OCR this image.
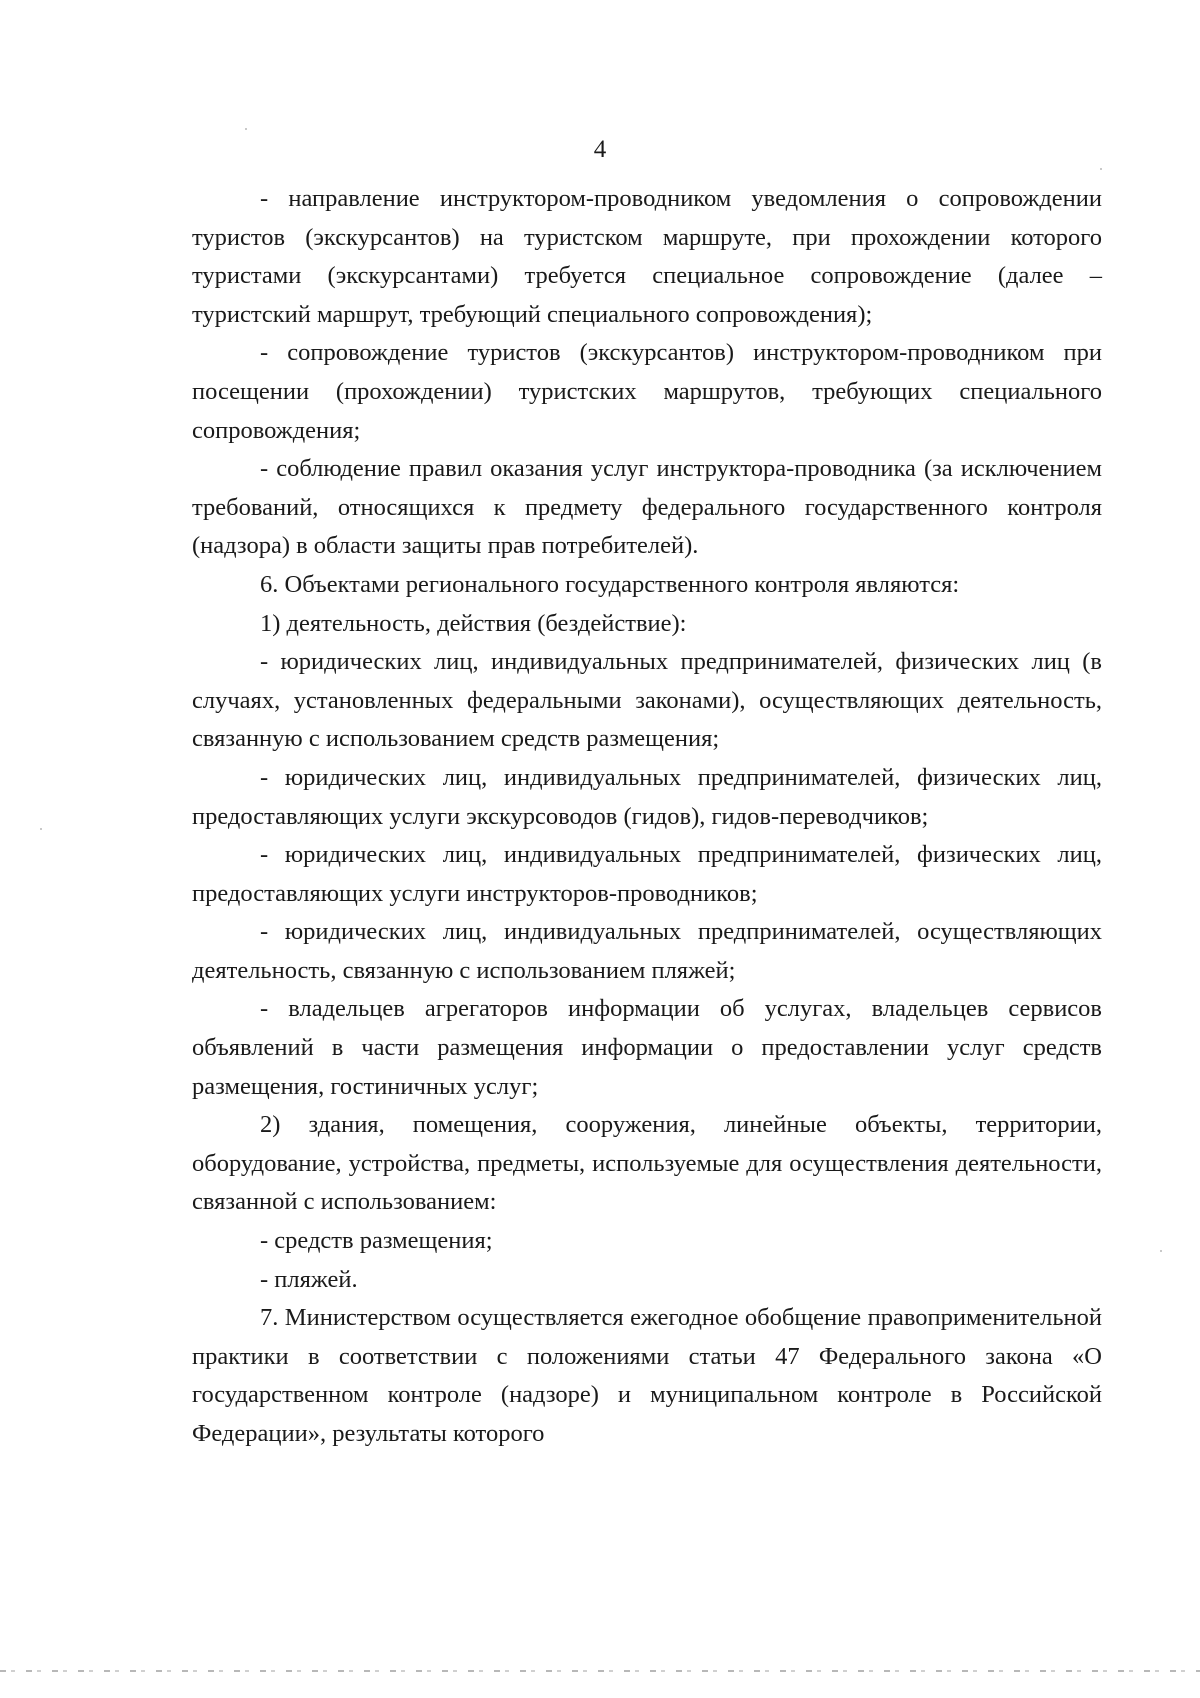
4

- направление инструктором-проводником уведомления о сопровождении туристов (экскурсантов) на туристском маршруте, при прохождении которого туристами (экскурсантами) требуется специальное сопровождение (далее – туристский маршрут, требующий специального сопровождения);

- сопровождение туристов (экскурсантов) инструктором-проводником при посещении (прохождении) туристских маршрутов, требующих специального сопровождения;

- соблюдение правил оказания услуг инструктора-проводника (за исключением требований, относящихся к предмету федерального государственного контроля (надзора) в области защиты прав потребителей).

6. Объектами регионального государственного контроля являются:

1) деятельность, действия (бездействие):

- юридических лиц, индивидуальных предпринимателей, физических лиц (в случаях, установленных федеральными законами), осуществляющих деятельность, связанную с использованием средств размещения;

- юридических лиц, индивидуальных предпринимателей, физических лиц, предоставляющих услуги экскурсоводов (гидов), гидов-переводчиков;

- юридических лиц, индивидуальных предпринимателей, физических лиц, предоставляющих услуги инструкторов-проводников;

- юридических лиц, индивидуальных предпринимателей, осуществляющих деятельность, связанную с использованием пляжей;

- владельцев агрегаторов информации об услугах, владельцев сервисов объявлений в части размещения информации о предоставлении услуг средств размещения, гостиничных услуг;

2) здания, помещения, сооружения, линейные объекты, территории, оборудование, устройства, предметы, используемые для осуществления деятельности, связанной с использованием:

- средств размещения;

- пляжей.

7. Министерством осуществляется ежегодное обобщение правоприменительной практики в соответствии с положениями статьи 47 Федерального закона «О государственном контроле (надзоре) и муниципальном контроле в Российской Федерации», результаты которого
